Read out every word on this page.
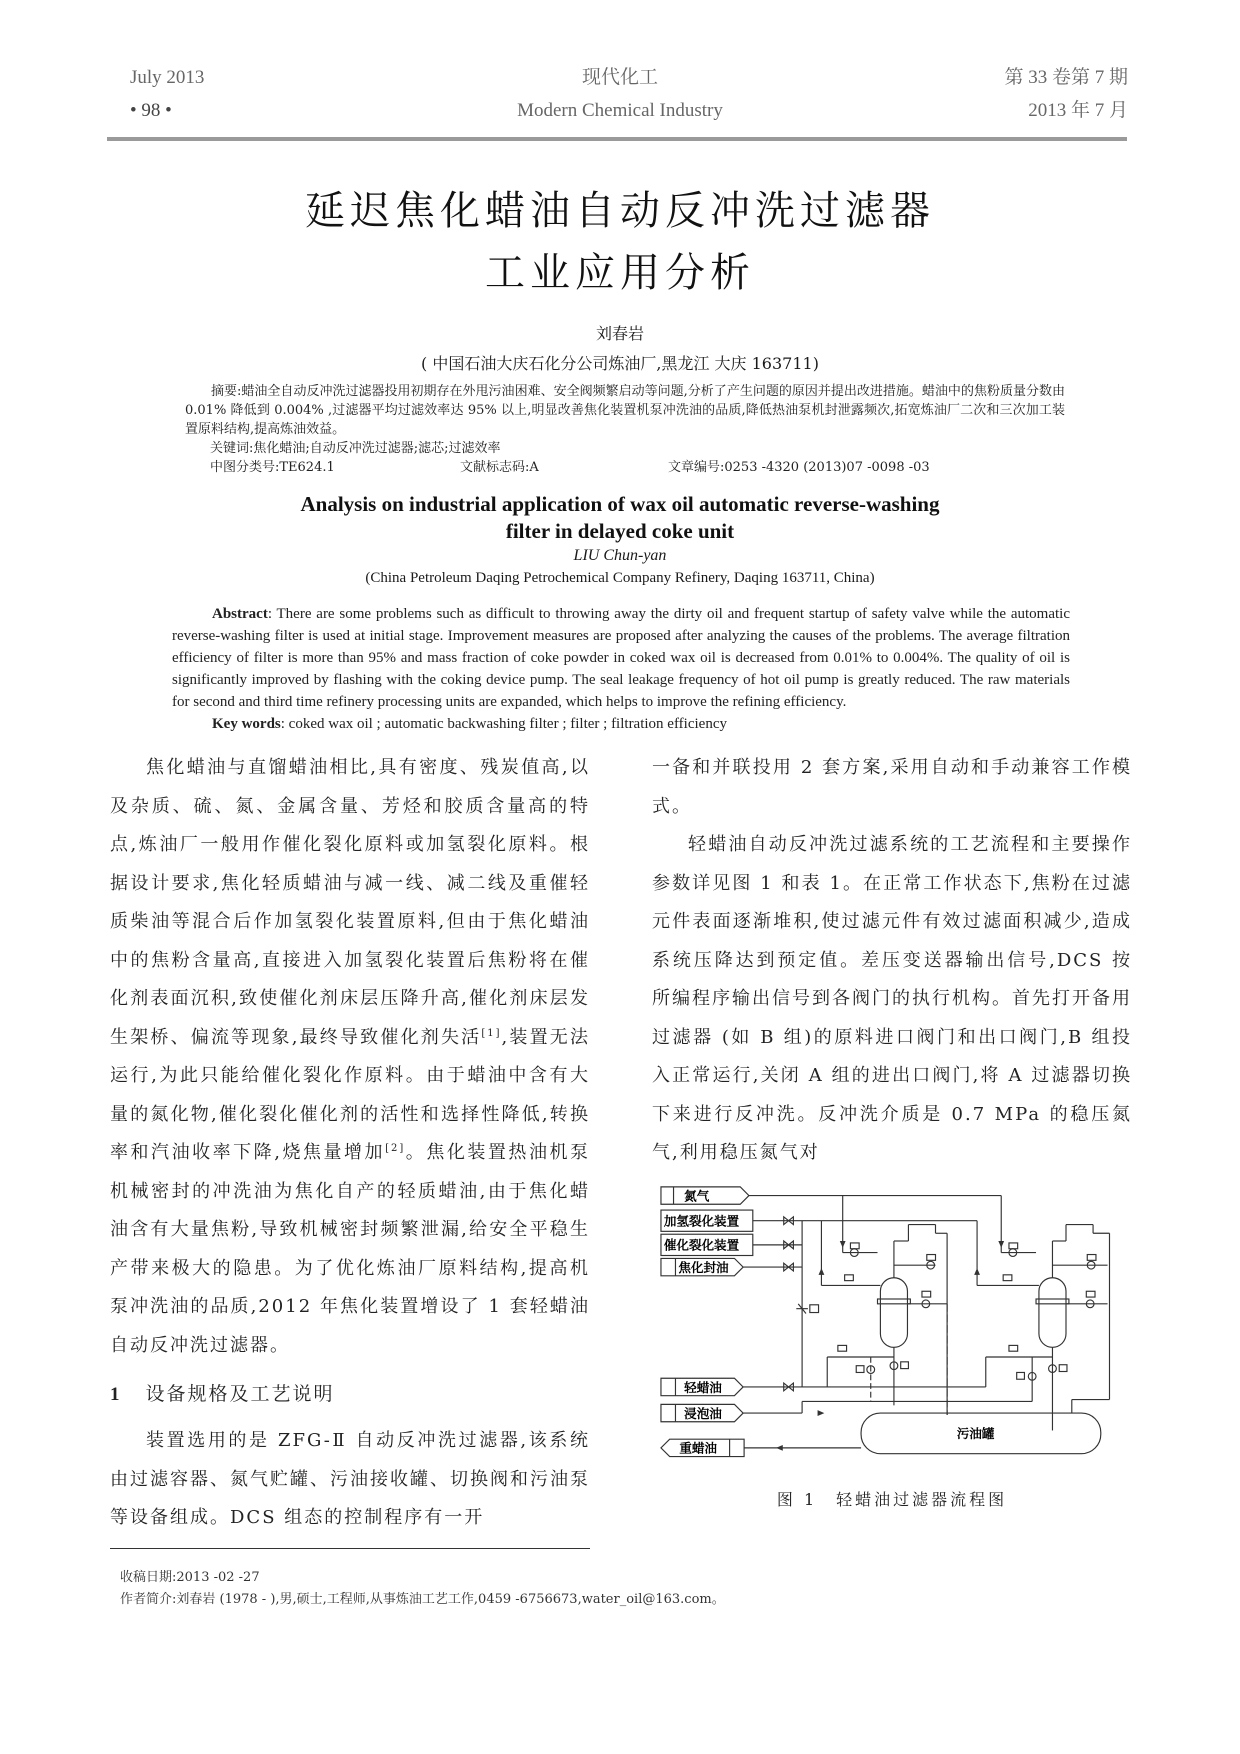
July 2013
• 98 •
现代化工
Modern Chemical Industry
第 33 卷第 7 期
2013 年 7 月
延迟焦化蜡油自动反冲洗过滤器
工业应用分析
刘春岩
( 中国石油大庆石化分公司炼油厂,黑龙江 大庆 163711)
摘要:蜡油全自动反冲洗过滤器投用初期存在外甩污油困难、安全阀频繁启动等问题,分析了产生问题的原因并提出改进措施。蜡油中的焦粉质量分数由 0.01% 降低到 0.004% ,过滤器平均过滤效率达 95% 以上,明显改善焦化装置机泵冲洗油的品质,降低热油泵机封泄露频次,拓宽炼油厂二次和三次加工装置原料结构,提高炼油效益。
关键词:焦化蜡油;自动反冲洗过滤器;滤芯;过滤效率
中图分类号:TE624.1	文献标志码:A	文章编号:0253 -4320 (2013)07 -0098 -03
Analysis on industrial application of wax oil automatic reverse-washing
filter in delayed coke unit
LIU Chun-yan
(China Petroleum Daqing Petrochemical Company Refinery, Daqing 163711, China)
Abstract: There are some problems such as difficult to throwing away the dirty oil and frequent startup of safety valve while the automatic reverse-washing filter is used at initial stage. Improvement measures are proposed after analyzing the causes of the problems. The average filtration efficiency of filter is more than 95% and mass fraction of coke powder in coked wax oil is decreased from 0.01% to 0.004%. The quality of oil is significantly improved by flashing with the coking device pump. The seal leakage frequency of hot oil pump is greatly reduced. The raw materials for second and third time refinery processing units are expanded, which helps to improve the refining efficiency.
Key words: coked wax oil ; automatic backwashing filter ; filter ; filtration efficiency

焦化蜡油与直馏蜡油相比,具有密度、残炭值高,以及杂质、硫、氮、金属含量、芳烃和胶质含量高的特点,炼油厂一般用作催化裂化原料或加氢裂化原料。根据设计要求,焦化轻质蜡油与减一线、减二线及重催轻质柴油等混合后作加氢裂化装置原料,但由于焦化蜡油中的焦粉含量高,直接进入加氢裂化装置后焦粉将在催化剂表面沉积,致使催化剂床层压降升高,催化剂床层发生架桥、偏流等现象,最终导致催化剂失活[1],装置无法运行,为此只能给催化裂化作原料。由于蜡油中含有大量的氮化物,催化裂化催化剂的活性和选择性降低,转换率和汽油收率下降,烧焦量增加[2]。焦化装置热油机泵机械密封的冲洗油为焦化自产的轻质蜡油,由于焦化蜡油含有大量焦粉,导致机械密封频繁泄漏,给安全平稳生产带来极大的隐患。为了优化炼油厂原料结构,提高机泵冲洗油的品质,2012 年焦化装置增设了 1 套轻蜡油自动反冲洗过滤器。

1 设备规格及工艺说明

装置选用的是 ZFG-Ⅱ 自动反冲洗过滤器,该系统由过滤容器、氮气贮罐、污油接收罐、切换阀和污油泵等设备组成。DCS 组态的控制程序有一开

收稿日期:2013 -02 -27
作者简介:刘春岩 (1978 - ),男,硕士,工程师,从事炼油工艺工作,0459 -6756673,water_oil@163.com。

一备和并联投用 2 套方案,采用自动和手动兼容工作模式。

轻蜡油自动反冲洗过滤系统的工艺流程和主要操作参数详见图 1 和表 1。在正常工作状态下,焦粉在过滤元件表面逐渐堆积,使过滤元件有效过滤面积减少,造成系统压降达到预定值。差压变送器输出信号,DCS 按所编程序输出信号到各阀门的执行机构。首先打开备用过滤器 (如 B 组)的原料进口阀门和出口阀门,B 组投入正常运行,关闭 A 组的进出口阀门,将 A 过滤器切换下来进行反冲洗。反冲洗介质是 0.7 MPa 的稳压氮气,利用稳压氮气对

氮气
加氢裂化装置
催化裂化装置
焦化封油
轻蜡油
浸泡油
重蜡油
污油罐
图 1　轻蜡油过滤器流程图
